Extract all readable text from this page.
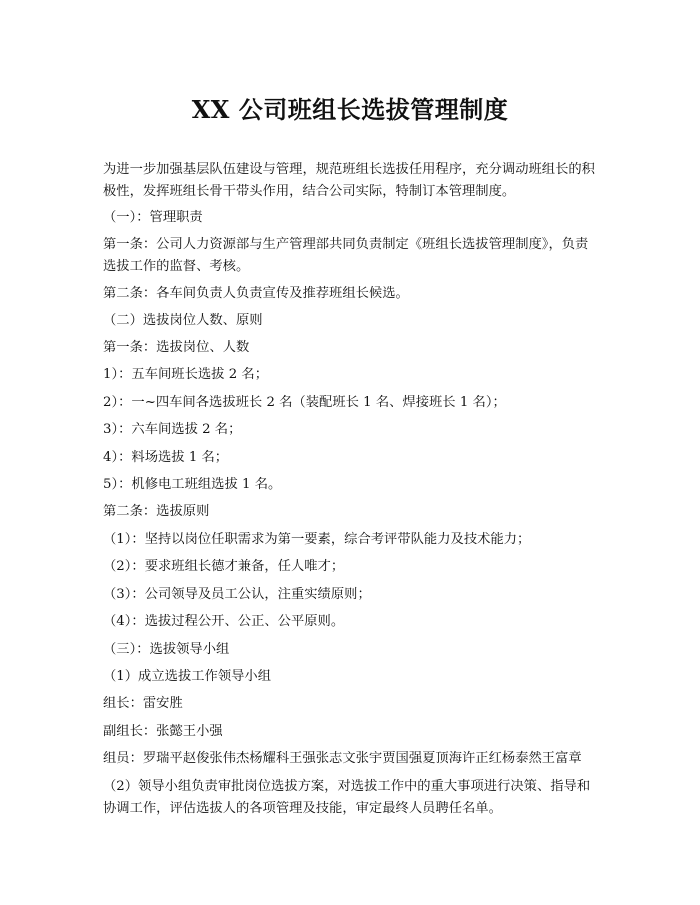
XX 公司班组长选拔管理制度

为进一步加强基层队伍建设与管理，规范班组长选拔任用程序，充分调动班组长的积极性，发挥班组长骨干带头作用，结合公司实际，特制订本管理制度。

（一）：管理职责

第一条：公司人力资源部与生产管理部共同负责制定《班组长选拔管理制度》，负责选拔工作的监督、考核。

第二条：各车间负责人负责宣传及推荐班组长候选。

（二）选拔岗位人数、原则

第一条：选拔岗位、人数

1）：五车间班长选拔 2 名；

2）：一~四车间各选拔班长 2 名（装配班长 1 名、焊接班长 1 名）；

3）：六车间选拔 2 名；

4）：料场选拔 1 名；

5）：机修电工班组选拔 1 名。

第二条：选拔原则

（1）：坚持以岗位任职需求为第一要素，综合考评带队能力及技术能力；

（2）：要求班组长德才兼备，任人唯才；

（3）：公司领导及员工公认，注重实绩原则；

（4）：选拔过程公开、公正、公平原则。

（三）：选拔领导小组

（1）成立选拔工作领导小组

组长：雷安胜

副组长：张懿王小强

组员：罗瑞平赵俊张伟杰杨耀科王强张志文张宇贾国强夏顶海许正红杨泰然王富章

（2）领导小组负责审批岗位选拔方案，对选拔工作中的重大事项进行决策、指导和协调工作，评估选拔人的各项管理及技能，审定最终人员聘任名单。
